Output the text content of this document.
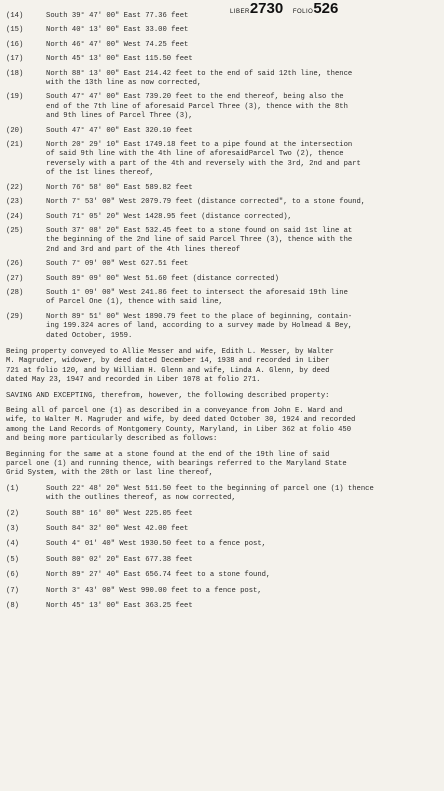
LIBER2730 FOLIO526
(14)	South 39° 47' 00" East 77.36 feet
(15)	North 40° 13' 00" East 33.00 feet
(16)	North 46° 47' 00" West 74.25 feet
(17)	North 45° 13' 00" East 115.50 feet
(18)	North 88° 13' 00" East 214.42 feet to the end of said 12th line, thence
with the 13th line as now corrected,
(19)	South 47° 47' 00" East 739.20 feet to the end thereof, being also the
end of the 7th line of aforesaid Parcel Three (3), thence with the 8th
and 9th lines of Parcel Three (3),
(20)	South 47° 47' 00" East 320.10 feet
(21)	North 20° 29' 10" East 1749.18 feet to a pipe found at the intersection
of said 9th line with the 4th line of aforesaidParcel Two (2), thence
reversely with a part of the 4th and reversely with the 3rd, 2nd and part
of the 1st lines thereof,
(22)	North 76° 58' 00" East 589.82 feet
(23)	North 7° 53' 00" West 2079.79 feet (distance corrected", to a stone found,
(24)	South 71° 05' 20" West 1428.95 feet (distance corrected),
(25)	South 37° 08' 20" East 532.45 feet to a stone found on said 1st line at
the beginning of the 2nd line of said Parcel Three (3), thence with the
2nd and 3rd and part of the 4th lines thereof
(26)	South 7° 09' 00" West 627.51 feet
(27)	South 89° 09' 00" West 51.60 feet (distance corrected)
(28)	South 1° 09' 00" West 241.86 feet to intersect the aforesaid 19th line
of Parcel One (1), thence with said line,
(29)	North 89° 51' 00" West 1890.79 feet to the place of beginning, contain-
ing 199.324 acres of land, according to a survey made by Holmead & Bey,
dated October, 1959.
Being property conveyed to Allie Messer and wife, Edith L. Messer, by Walter
M. Magruder, widower, by deed dated December 14, 1938 and recorded in Liber
721 at folio 120, and by William H. Glenn and wife, Linda A. Glenn, by deed
dated May 23, 1947 and recorded in Liber 1078 at folio 271.
SAVING AND EXCEPTING, therefrom, however, the following described property:
Being all of parcel one (1) as described in a conveyance from John E. Ward and
wife, to Walter M. Magruder and wife, by deed dated October 30, 1924 and recorded
among the Land Records of Montgomery County, Maryland, in Liber 362 at folio 450
and being more particularly described as follows:
Beginning for the same at a stone found at the end of the 19th line of said
parcel one (1) and running thence, with bearings referred to the Maryland State
Grid System, with the 20th or last line thereof,
(1)	South 22° 48' 20" West 511.50 feet to the beginning of parcel one (1) thence
with the outlines thereof, as now corrected,
(2)	South 88° 16' 00" West 225.05 feet
(3)	South 84° 32' 00" West 42.00 feet
(4)	South 4° 01' 40" West 1930.50 feet to a fence post,
(5)	South 80° 02' 20" East 677.38 feet
(6)	North 89° 27' 40" East 656.74 feet to a stone found,
(7)	North 3° 43' 00" West 990.00 feet to a fence post,
(8)	North 45° 13' 00" East 363.25 feet
